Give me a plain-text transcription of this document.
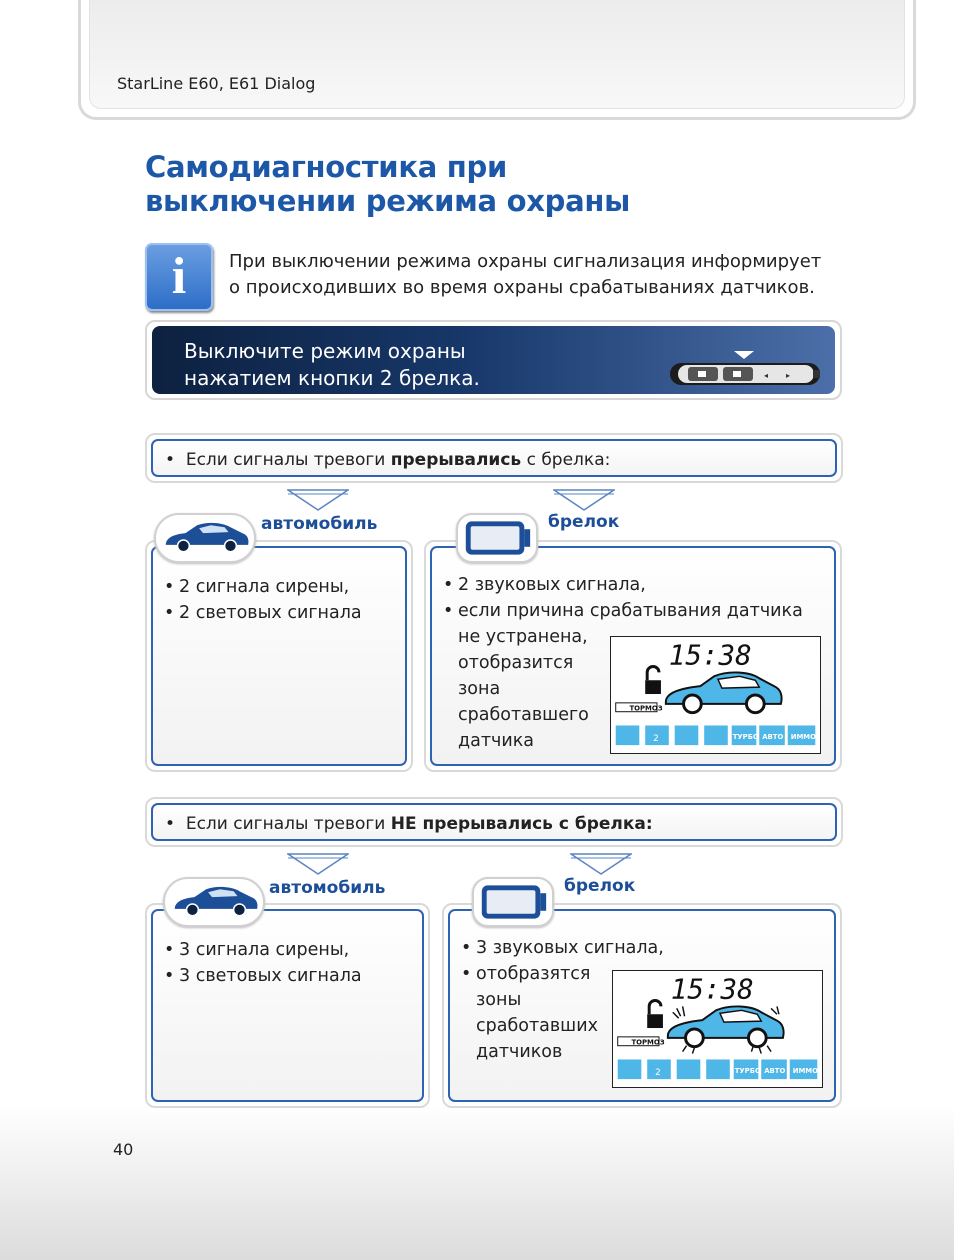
StarLine E60, E61 Dialog
Самодиагностика при
выключении режима охраны
i	При выключении режима охраны сигнализация информирует
о происходивших во время охраны срабатываниях датчиков.
Выключите режим охраны
нажатием кнопки 2 брелка.	◂ ▸
•  Если сигналы тревоги прерывались с брелка:
• 2 сигнала сирены,
• 2 световых сигнала
автомобиль
• 2 звуковых сигнала,
• если причина срабатывания датчика
не устранена,
отобразится
зона
сработавшего
датчика
брелок
15:38
ТОРМОЗ
2	ТУРБО АВТО ИММО
•  Если сигналы тревоги НЕ прерывались с брелка:
• 3 сигнала сирены,
• 3 световых сигнала
автомобиль
• 3 звуковых сигнала,
• отобразятся
зоны
сработавших
датчиков
брелок
15:38
ТОРМОЗ
2	ТУРБО АВТО ИММО
40
